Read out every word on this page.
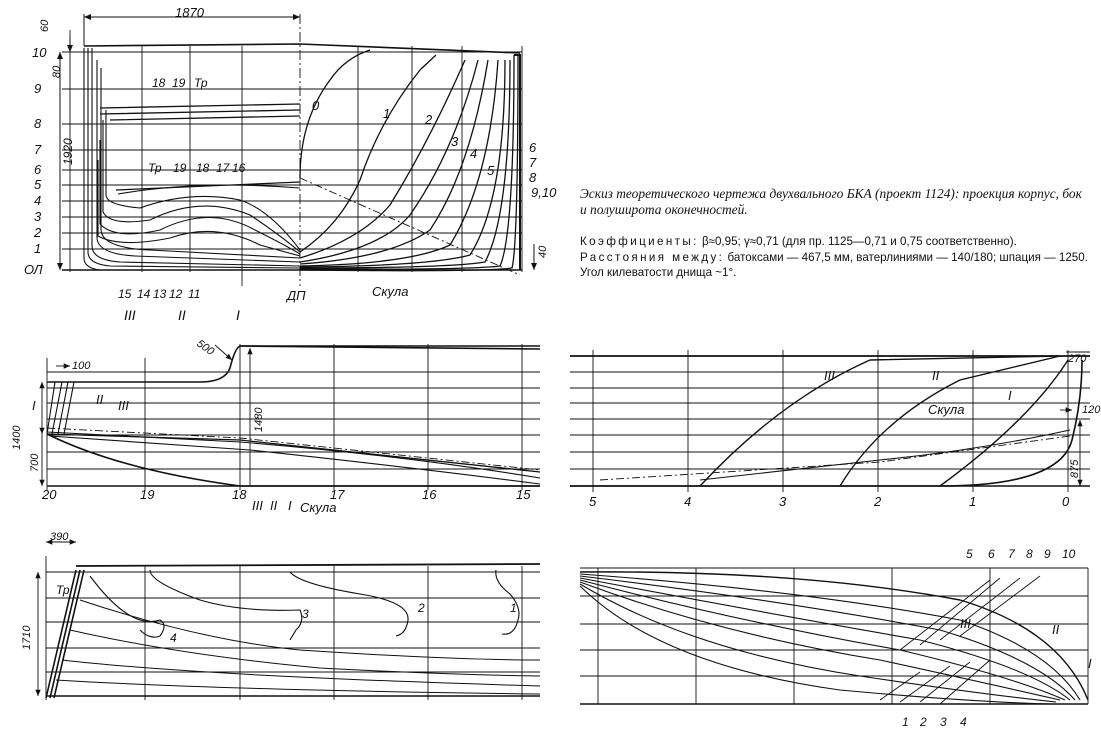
1870
60
80
1920
40
10
9
8
7
6
5
4
3
2
1
ОЛ
18 19 Тр
Тр 19 18 17 16
0
1	2
3
4
5
6
7
8
9,10
15 14 13 12 11
III	II	I
ДП	Скула
100
500
1480
1400
700
I	II III
20	19	18	17	16	15
III II I Скула
270
120
875
III	II
Скула
I
5	4	3	2	1	0
390
1710
Тр
4
3	2	1
5 6 7 8 9 10
III	II
I
1 2 3 4
Эскиз теоретического чертежа двухвального БКА (проект 1124): проекция корпус, бок и полуширота оконечностей.

Коэффициенты: β≈0,95; γ≈0,71 (для пр. 1125—0,71 и 0,75 соответственно).

Расстояния между: батоксами — 467,5 мм, ватерлиниями — 140/180; шпация — 1250.

Угол килеватости днища ~1°.
